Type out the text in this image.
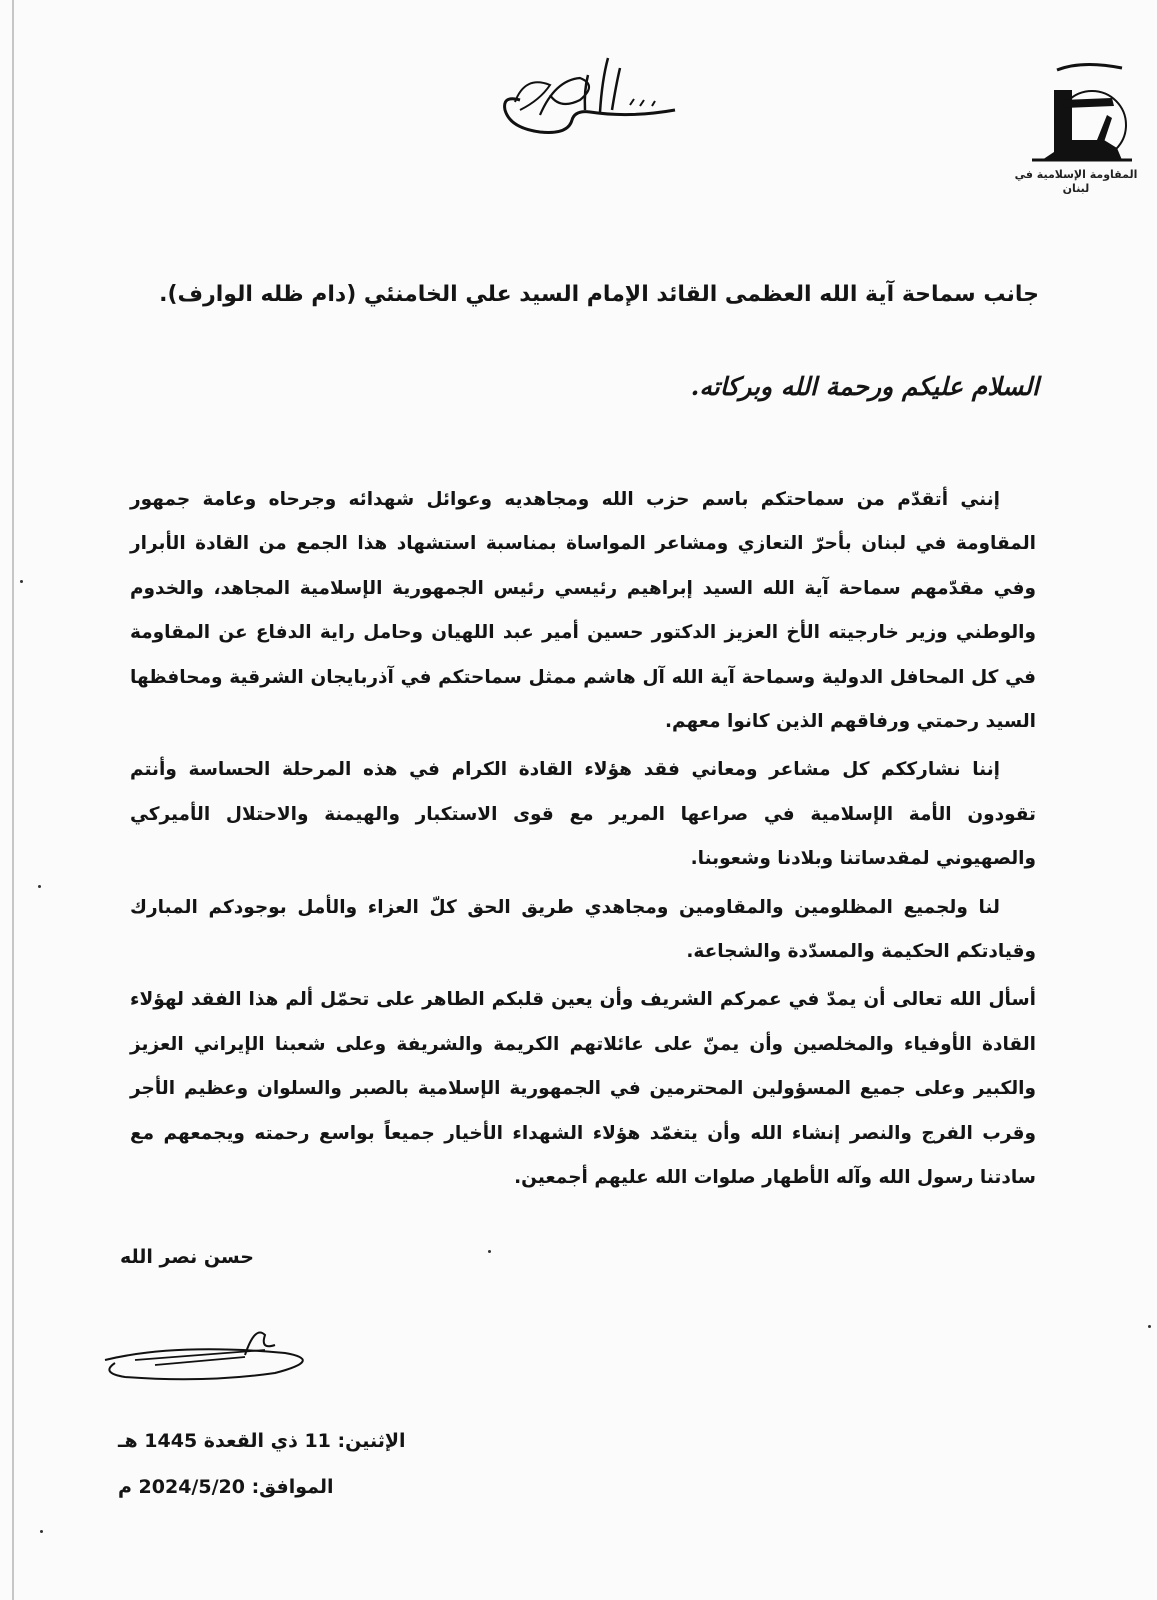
المقاومة الإسلامية في لبنان
جانب سماحة آية الله العظمى القائد الإمام السيد علي الخامنئي (دام ظله الوارف).
السلام عليكم ورحمة الله وبركاته.

إنني أتقدّم من سماحتكم باسم حزب الله ومجاهديه وعوائل شهدائه وجرحاه وعامة جمهور المقاومة في لبنان بأحرّ التعازي ومشاعر المواساة بمناسبة استشهاد هذا الجمع من القادة الأبرار وفي مقدّمهم سماحة آية الله السيد إبراهيم رئيسي رئيس الجمهورية الإسلامية المجاهد، والخدوم والوطني وزير خارجيته الأخ العزيز الدكتور حسين أمير عبد اللهيان وحامل راية الدفاع عن المقاومة في كل المحافل الدولية وسماحة آية الله آل هاشم ممثل سماحتكم في آذربايجان الشرقية ومحافظها السيد رحمتي ورفاقهم الذين كانوا معهم.

إننا نشارككم كل مشاعر ومعاني فقد هؤلاء القادة الكرام في هذه المرحلة الحساسة وأنتم تقودون الأمة الإسلامية في صراعها المرير مع قوى الاستكبار والهيمنة والاحتلال الأميركي والصهيوني لمقدساتنا وبلادنا وشعوبنا.

لنا ولجميع المظلومين والمقاومين ومجاهدي طريق الحق كلّ العزاء والأمل بوجودكم المبارك وقيادتكم الحكيمة والمسدّدة والشجاعة.

أسأل الله تعالى أن يمدّ في عمركم الشريف وأن يعين قلبكم الطاهر على تحمّل ألم هذا الفقد لهؤلاء القادة الأوفياء والمخلصين وأن يمنّ على عائلاتهم الكريمة والشريفة وعلى شعبنا الإيراني العزيز والكبير وعلى جميع المسؤولين المحترمين في الجمهورية الإسلامية بالصبر والسلوان وعظيم الأجر وقرب الفرج والنصر إنشاء الله وأن يتغمّد هؤلاء الشهداء الأخيار جميعاً بواسع رحمته ويجمعهم مع سادتنا رسول الله وآله الأطهار صلوات الله عليهم أجمعين.

حسن نصر الله
الإثنين: 11 ذي القعدة 1445 هـ
الموافق: 2024/5/20 م
